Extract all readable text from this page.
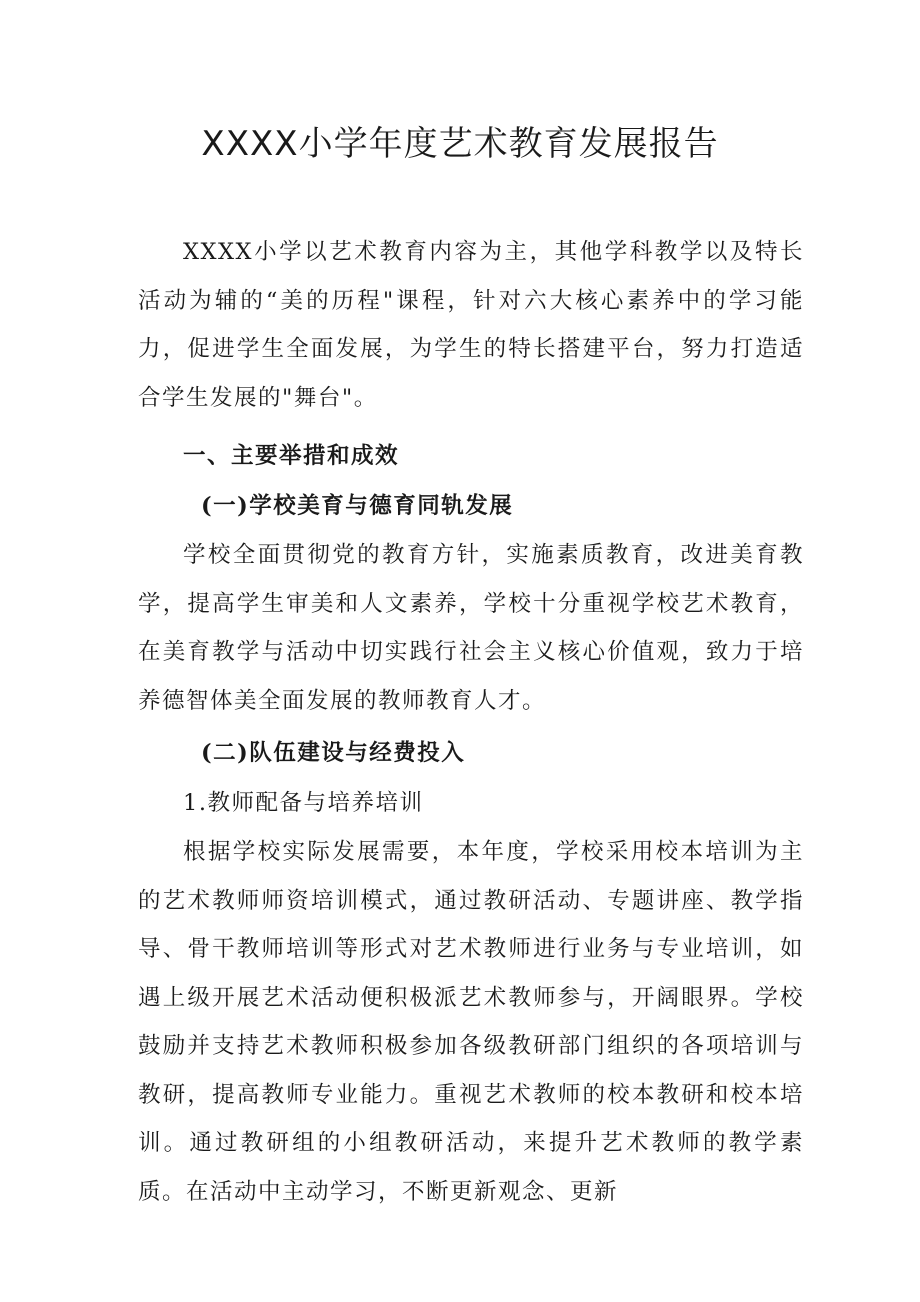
XXXX小学年度艺术教育发展报告

XXXX小学以艺术教育内容为主，其他学科教学以及特长活动为辅的“美的历程"课程，针对六大核心素养中的学习能力，促进学生全面发展，为学生的特长搭建平台，努力打造适合学生发展的"舞台"。

一、主要举措和成效

(一)学校美育与德育同轨发展

学校全面贯彻党的教育方针，实施素质教育，改进美育教学，提高学生审美和人文素养，学校十分重视学校艺术教育，在美育教学与活动中切实践行社会主义核心价值观，致力于培养德智体美全面发展的教师教育人才。

(二)队伍建设与经费投入

1.教师配备与培养培训

根据学校实际发展需要，本年度，学校采用校本培训为主的艺术教师师资培训模式，通过教研活动、专题讲座、教学指导、骨干教师培训等形式对艺术教师进行业务与专业培训，如遇上级开展艺术活动便积极派艺术教师参与，开阔眼界。学校鼓励并支持艺术教师积极参加各级教研部门组织的各项培训与教研，提高教师专业能力。重视艺术教师的校本教研和校本培训。通过教研组的小组教研活动，来提升艺术教师的教学素质。在活动中主动学习，不断更新观念、更新
